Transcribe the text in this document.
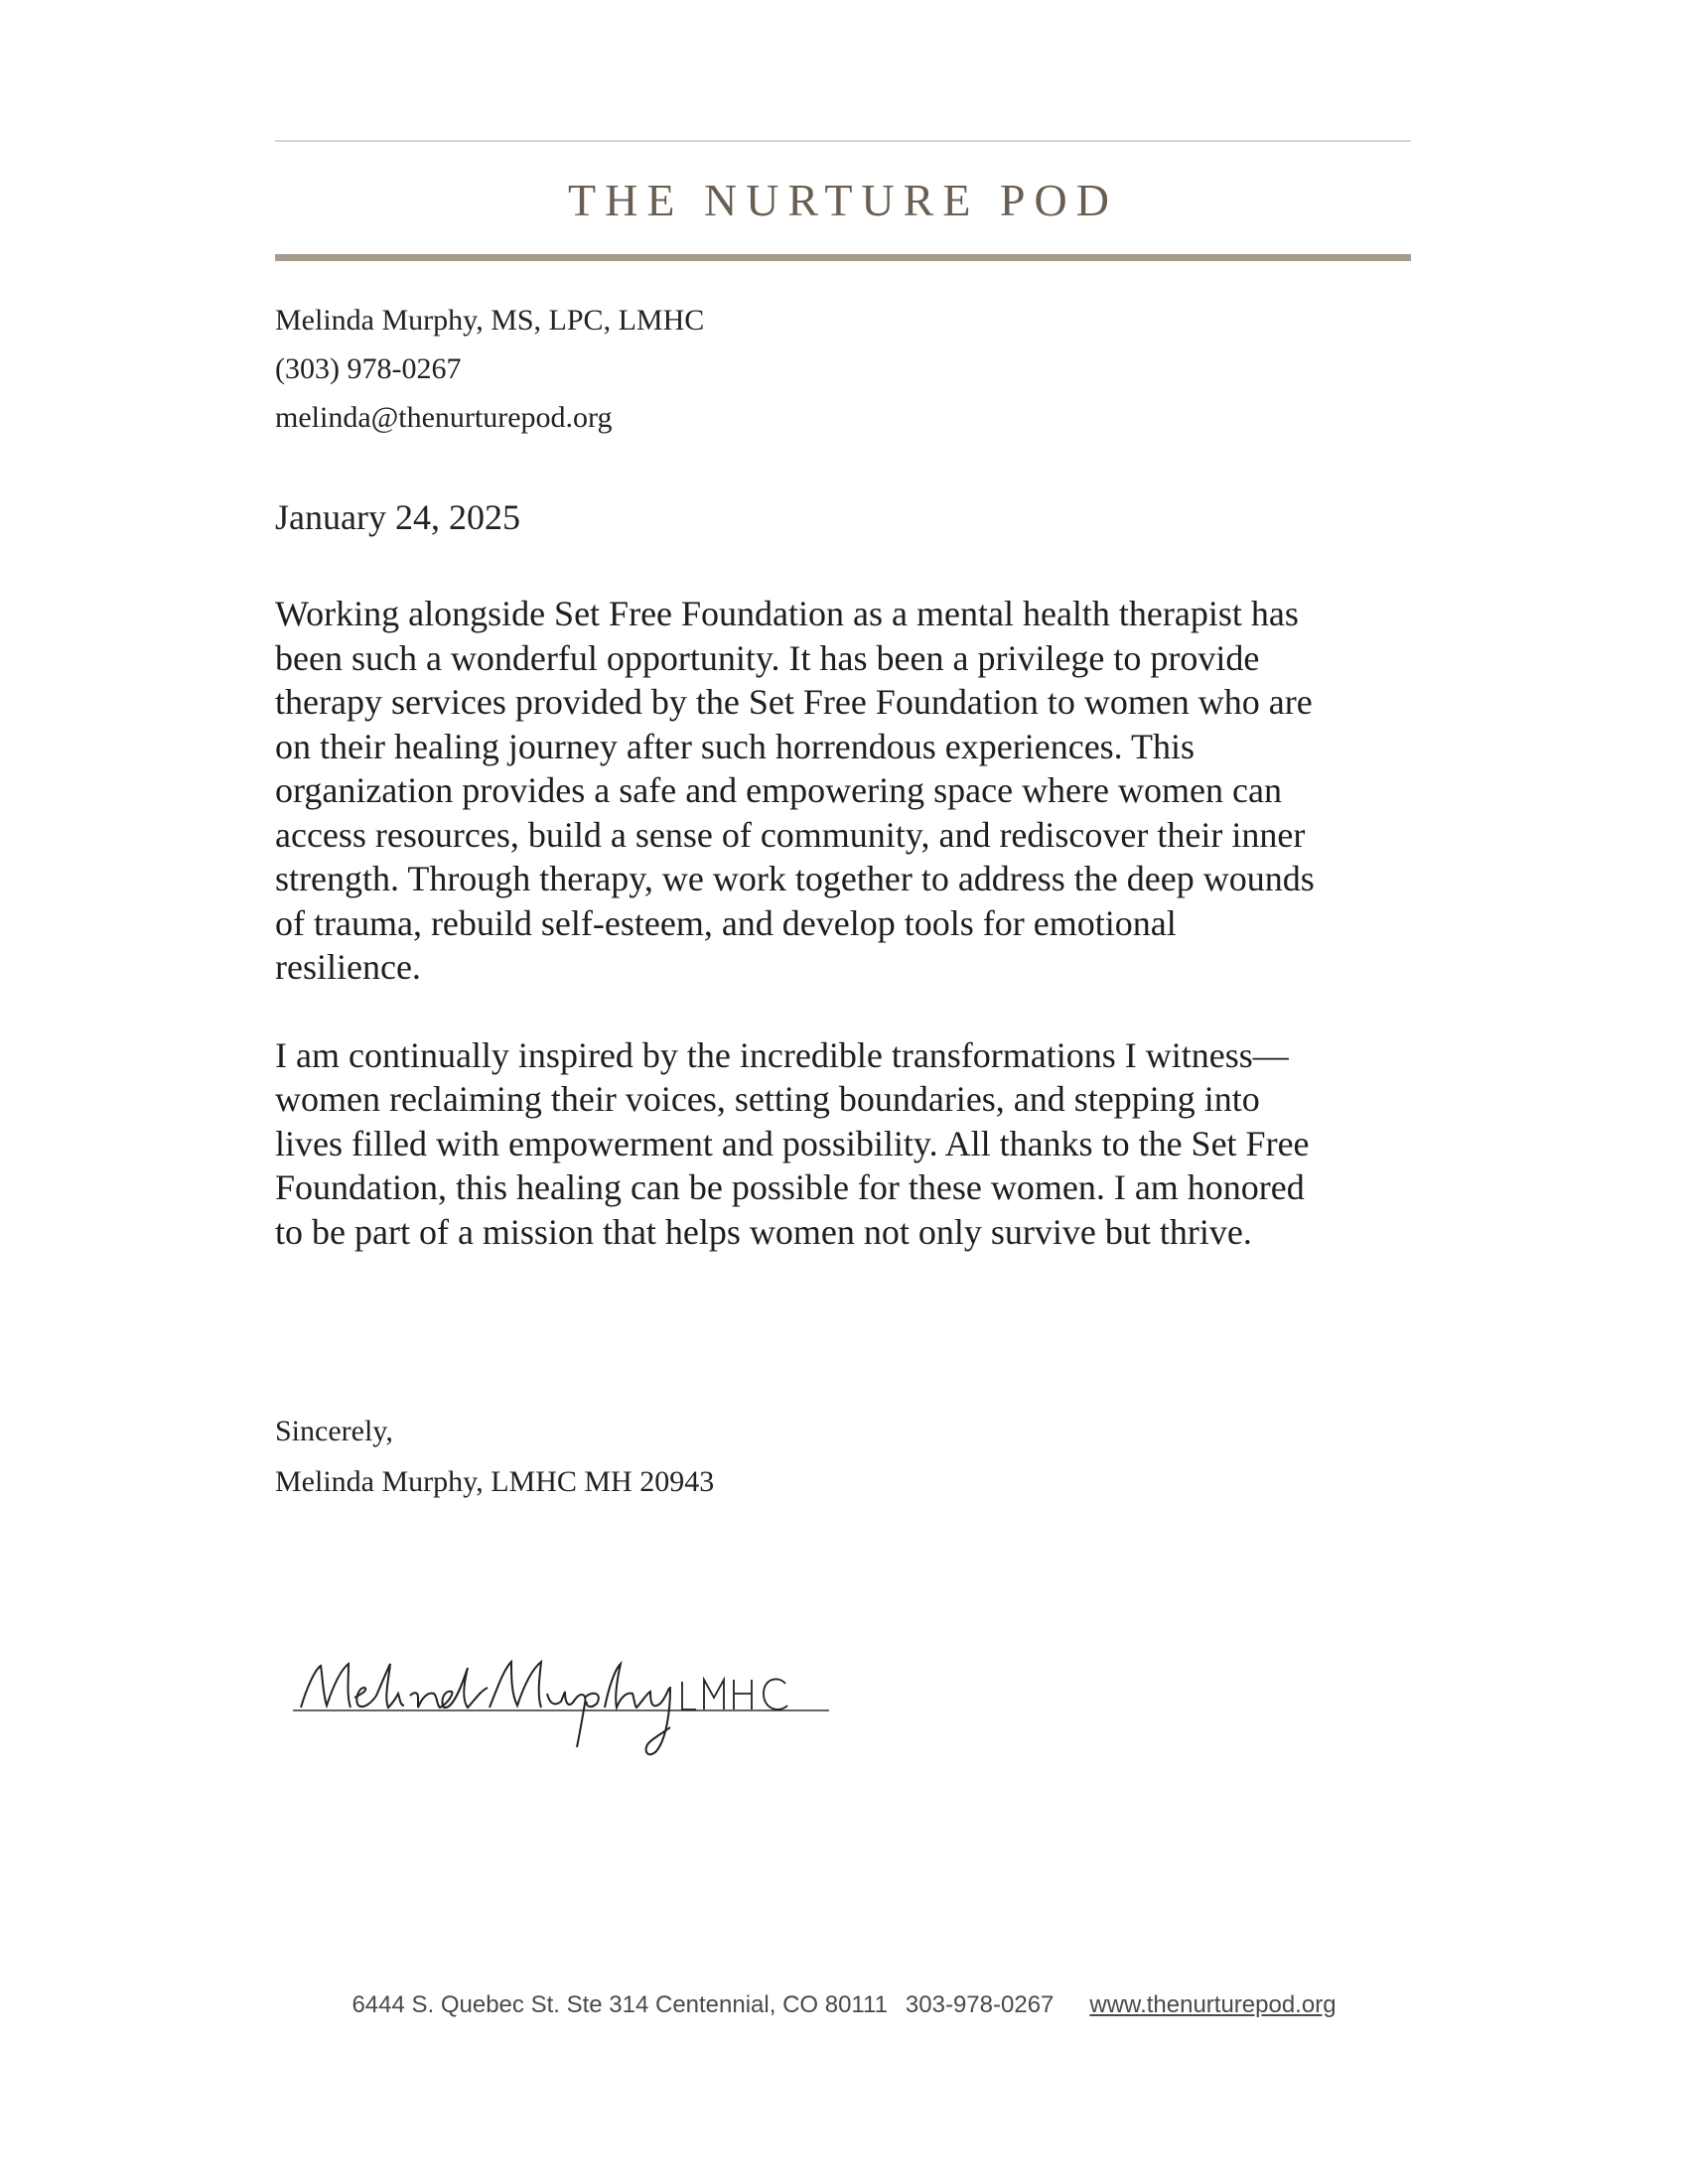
THE NURTURE POD
Melinda Murphy, MS, LPC, LMHC
(303) 978-0267
melinda@thenurturepod.org
January 24, 2025
Working alongside Set Free Foundation as a mental health therapist has
been such a wonderful opportunity. It has been a privilege to provide
therapy services provided by the Set Free Foundation to women who are
on their healing journey after such horrendous experiences. This
organization provides a safe and empowering space where women can
access resources, build a sense of community, and rediscover their inner
strength. Through therapy, we work together to address the deep wounds
of trauma, rebuild self-esteem, and develop tools for emotional
resilience.
I am continually inspired by the incredible transformations I witness—
women reclaiming their voices, setting boundaries, and stepping into
lives filled with empowerment and possibility. All thanks to the Set Free
Foundation, this healing can be possible for these women. I am honored
to be part of a mission that helps women not only survive but thrive.
Sincerely,
Melinda Murphy, LMHC MH 20943
6444 S. Quebec St. Ste 314 Centennial, CO 80111 303-978-0267 www.thenurturepod.org
